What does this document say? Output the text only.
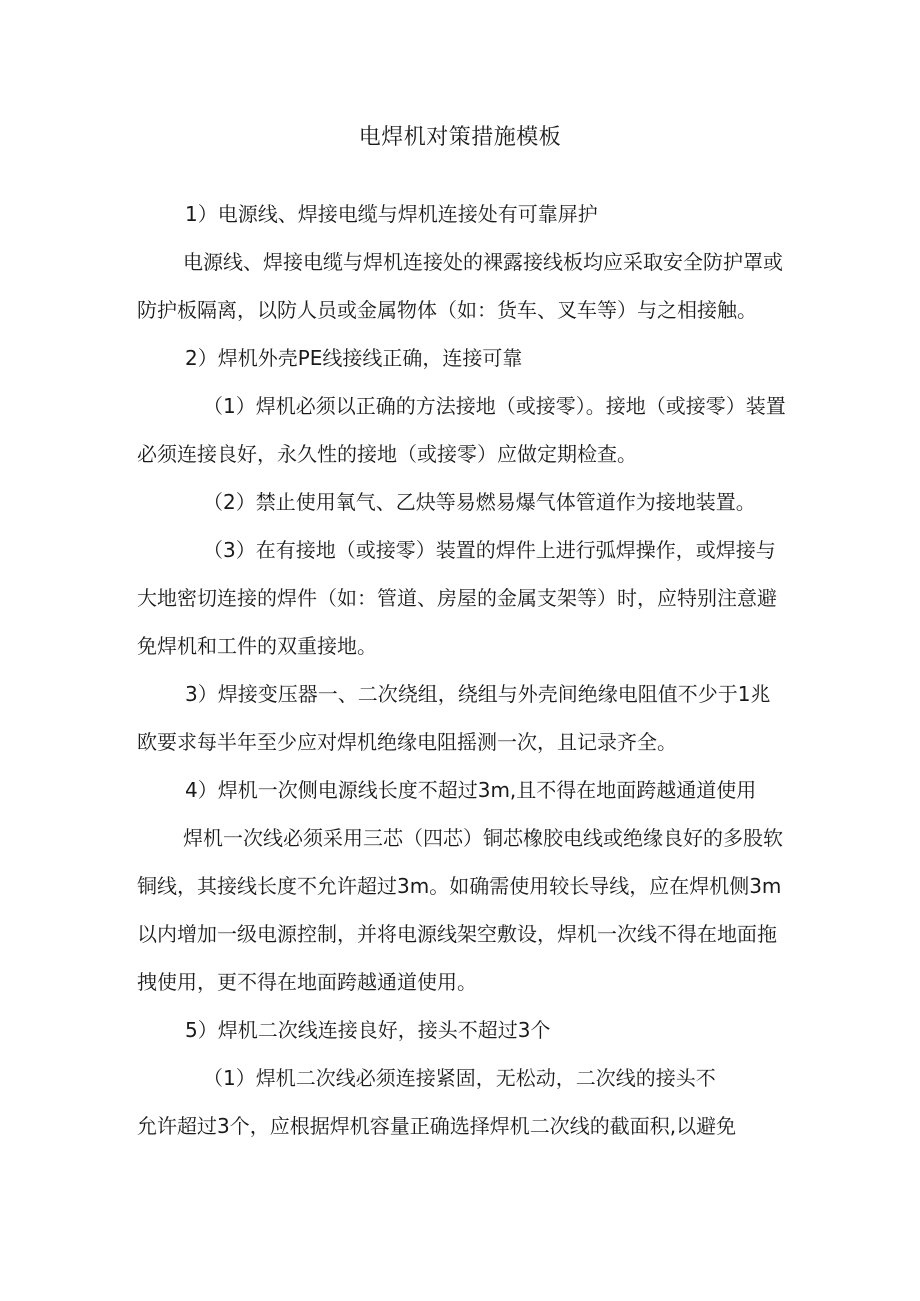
电焊机对策措施模板

1）电源线、焊接电缆与焊机连接处有可靠屏护

电源线、焊接电缆与焊机连接处的裸露接线板均应采取安全防护罩或防护板隔离，以防人员或金属物体（如：货车、叉车等）与之相接触。

2）焊机外壳PE线接线正确，连接可靠

（1）焊机必须以正确的方法接地（或接零）。接地（或接零）装置必须连接良好，永久性的接地（或接零）应做定期检查。

（2）禁止使用氧气、乙炔等易燃易爆气体管道作为接地装置。

（3）在有接地（或接零）装置的焊件上进行弧焊操作，或焊接与大地密切连接的焊件（如：管道、房屋的金属支架等）时，应特别注意避免焊机和工件的双重接地。

3）焊接变压器一、二次绕组，绕组与外壳间绝缘电阻值不少于1兆欧要求每半年至少应对焊机绝缘电阻摇测一次，且记录齐全。

4）焊机一次侧电源线长度不超过3m,且不得在地面跨越通道使用

焊机一次线必须采用三芯（四芯）铜芯橡胶电线或绝缘良好的多股软铜线，其接线长度不允许超过3m。如确需使用较长导线，应在焊机侧3m以内增加一级电源控制，并将电源线架空敷设，焊机一次线不得在地面拖拽使用，更不得在地面跨越通道使用。

5）焊机二次线连接良好，接头不超过3个

（1）焊机二次线必须连接紧固，无松动，二次线的接头不

允许超过3个，应根据焊机容量正确选择焊机二次线的截面积,以避免
